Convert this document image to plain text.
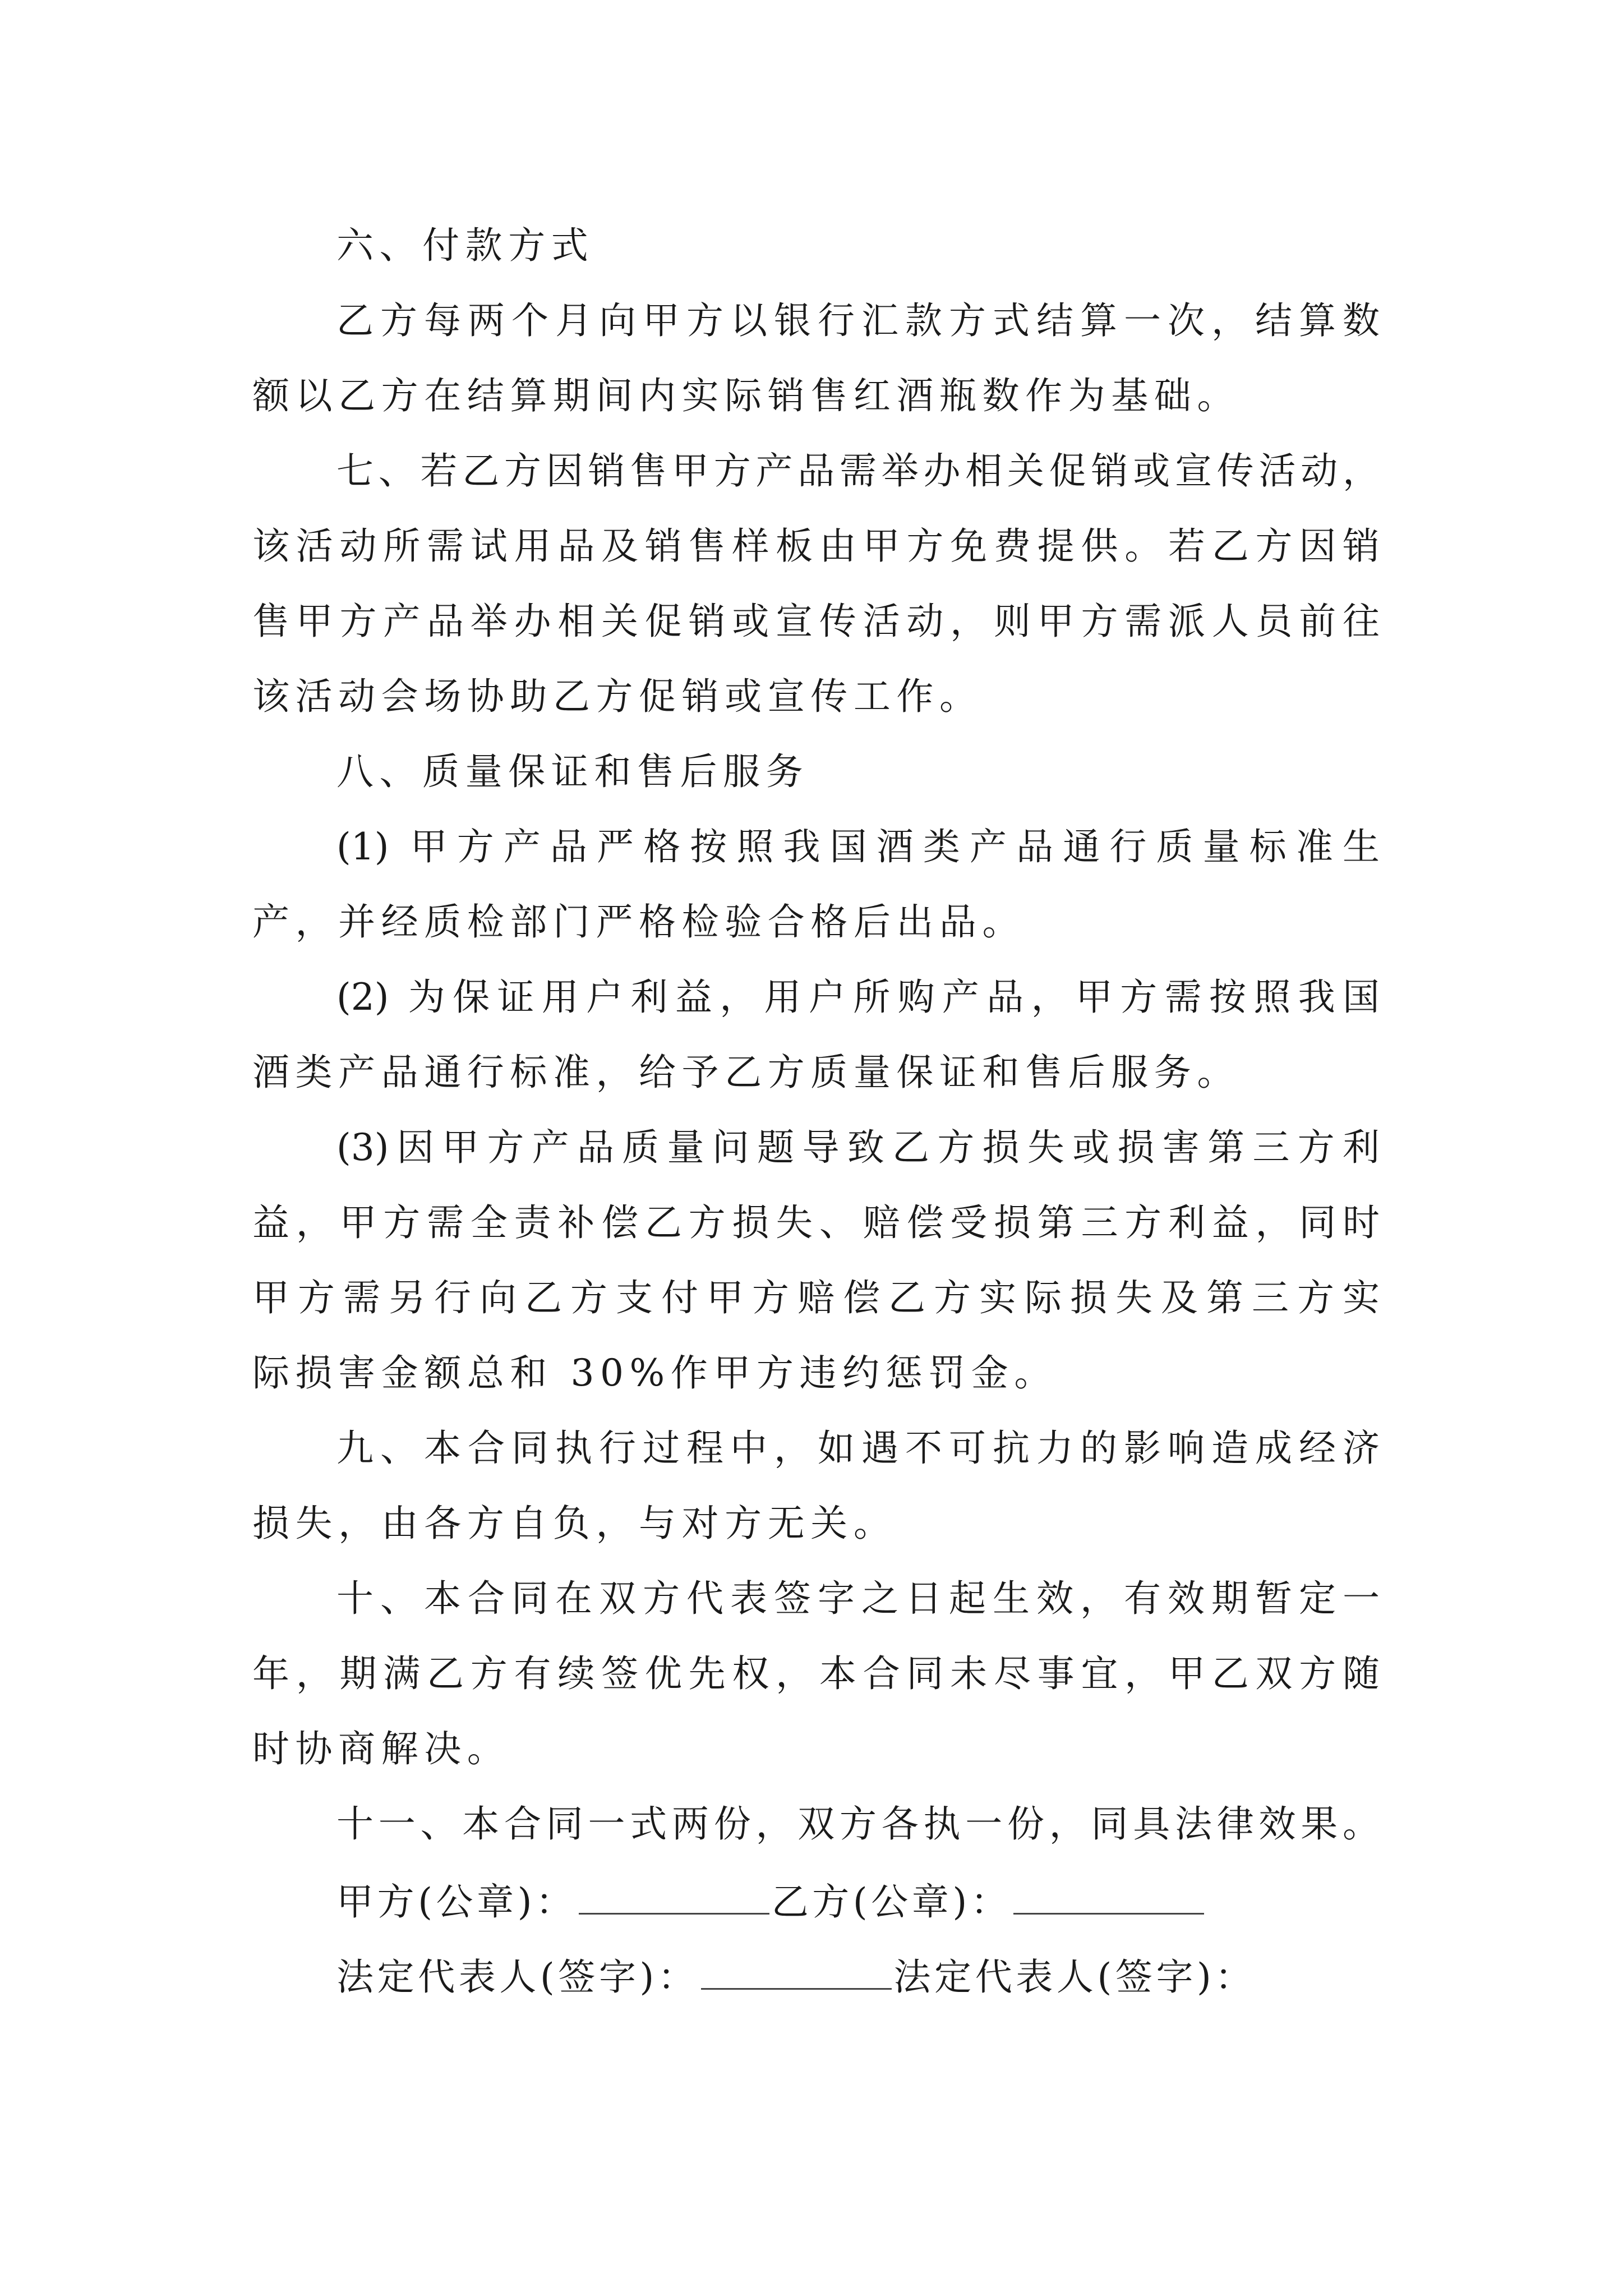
六、付款方式
乙方每两个月向甲方以银行汇款方式结算一次，结算数
额以乙方在结算期间内实际销售红酒瓶数作为基础。
七、若乙方因销售甲方产品需举办相关促销或宣传活动，
该活动所需试用品及销售样板由甲方免费提供。若乙方因销
售甲方产品举办相关促销或宣传活动，则甲方需派人员前往
该活动会场协助乙方促销或宣传工作。
八、质量保证和售后服务
(1) 甲方产品严格按照我国酒类产品通行质量标准生
产，并经质检部门严格检验合格后出品。
(2) 为保证用户利益，用户所购产品，甲方需按照我国
酒类产品通行标准，给予乙方质量保证和售后服务。
(3)因甲方产品质量问题导致乙方损失或损害第三方利
益，甲方需全责补偿乙方损失、赔偿受损第三方利益，同时
甲方需另行向乙方支付甲方赔偿乙方实际损失及第三方实
际损害金额总和 30%作甲方违约惩罚金。
九、本合同执行过程中，如遇不可抗力的影响造成经济
损失，由各方自负，与对方无关。
十、本合同在双方代表签字之日起生效，有效期暂定一
年，期满乙方有续签优先权，本合同未尽事宜，甲乙双方随
时协商解决。
十一、本合同一式两份，双方各执一份，同具法律效果。
甲方(公章)：	乙方(公章)：
法定代表人(签字)：	法定代表人(签字)：
